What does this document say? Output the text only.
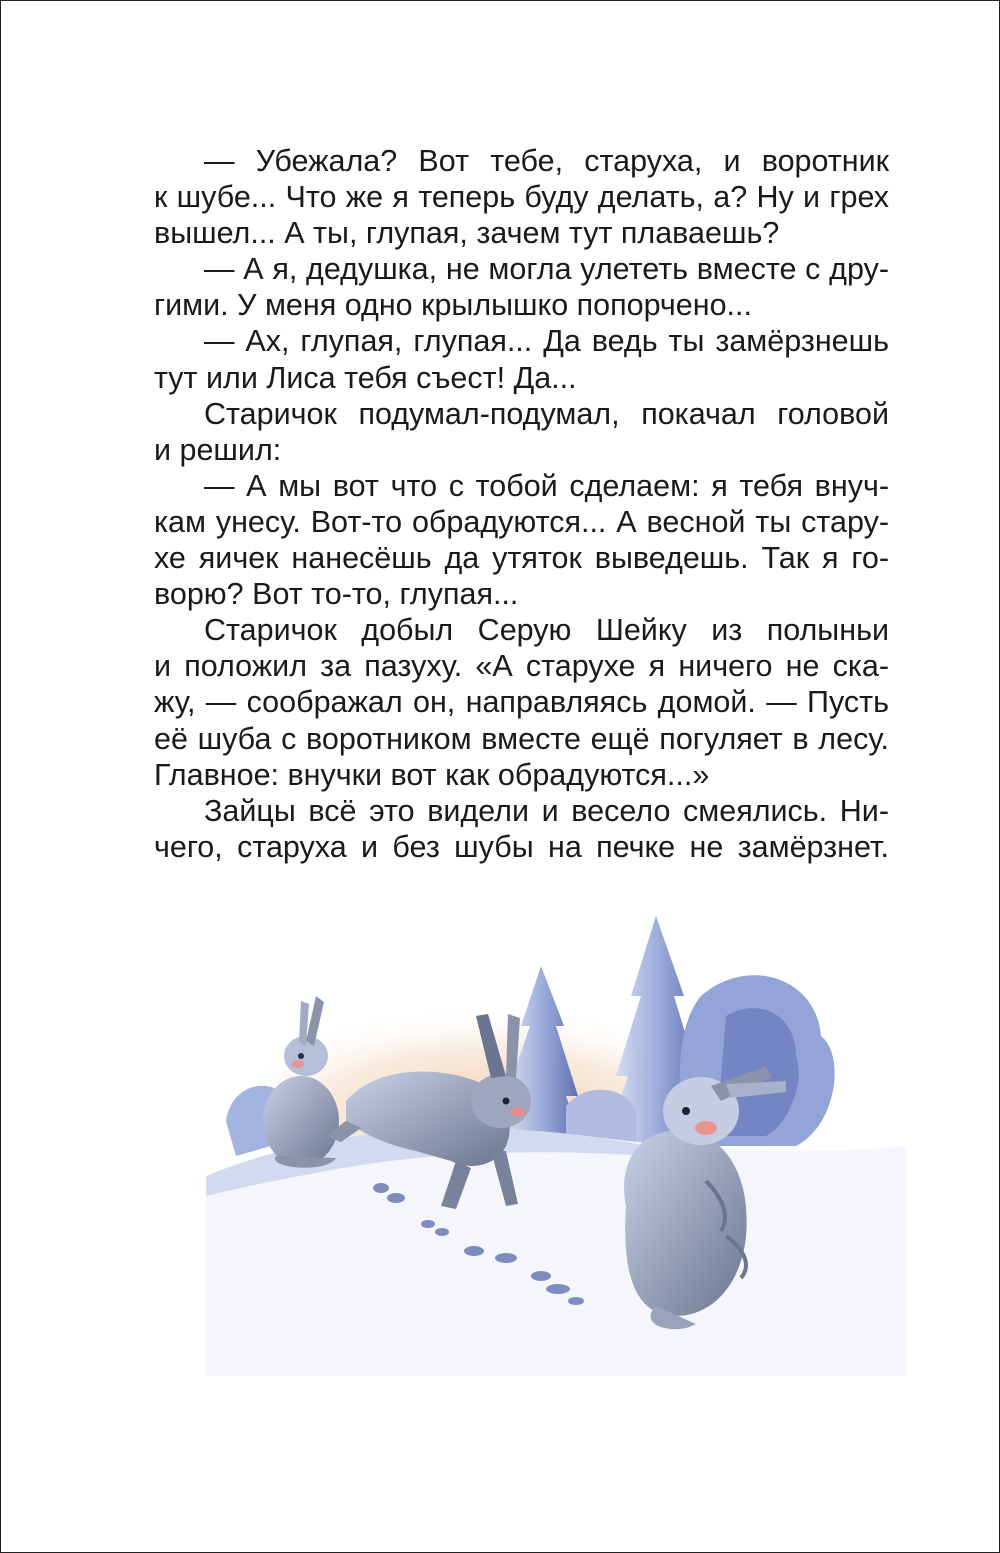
— Убежала? Вот тебе, старуха, и воротник
к шубе... Что же я теперь буду делать, а? Ну и грех
вышел... А ты, глупая, зачем тут плаваешь?
— А я, дедушка, не могла улететь вместе с дру-
гими. У меня одно крылышко попорчено...
— Ах, глупая, глупая... Да ведь ты замёрзнешь
тут или Лиса тебя съест! Да...
Старичок подумал-подумал, покачал головой
и решил:
— А мы вот что с тобой сделаем: я тебя внуч-
кам унесу. Вот-то обрадуются... А весной ты стару-
хе яичек нанесёшь да утяток выведешь. Так я го-
ворю? Вот то-то, глупая...
Старичок добыл Серую Шейку из полыньи
и положил за пазуху. «А старухе я ничего не ска-
жу, — соображал он, направляясь домой. — Пусть
её шуба с воротником вместе ещё погуляет в лесу.
Главное: внучки вот как обрадуются...»
Зайцы всё это видели и весело смеялись. Ни-
чего, старуха и без шубы на печке не замёрзнет.
